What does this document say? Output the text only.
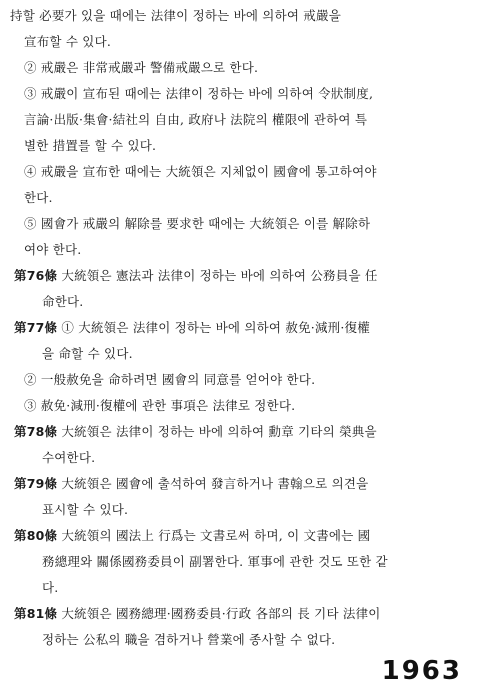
持할 必要가 있을 때에는 法律이 정하는 바에 의하여 戒嚴을
宣布할 수 있다.
② 戒嚴은 非常戒嚴과 警備戒嚴으로 한다.
③ 戒嚴이 宣布된 때에는 法律이 정하는 바에 의하여 令狀制度,
言論·出版·集會·結社의 自由, 政府나 法院의 權限에 관하여 특
별한 措置를 할 수 있다.
④ 戒嚴을 宣布한 때에는 大統領은 지체없이 國會에 통고하여야
한다.
⑤ 國會가 戒嚴의 解除를 要求한 때에는 大統領은 이를 解除하
여야 한다.
第76條 大統領은 憲法과 法律이 정하는 바에 의하여 公務員을 任
命한다.
第77條 ① 大統領은 法律이 정하는 바에 의하여 赦免·減刑·復權
을 命할 수 있다.
② 一般赦免을 命하려면 國會의 同意를 얻어야 한다.
③ 赦免·減刑·復權에 관한 事項은 法律로 정한다.
第78條 大統領은 法律이 정하는 바에 의하여 勳章 기타의 榮典을
수여한다.
第79條 大統領은 國會에 출석하여 發言하거나 書翰으로 의견을
표시할 수 있다.
第80條 大統領의 國法上 行爲는 文書로써 하며, 이 文書에는 國
務總理와 關係國務委員이 副署한다. 軍事에 관한 것도 또한 같
다.
第81條 大統領은 國務總理·國務委員·行政 各部의 長 기타 法律이
정하는 公私의 職을 겸하거나 營業에 종사할 수 없다.
1963
